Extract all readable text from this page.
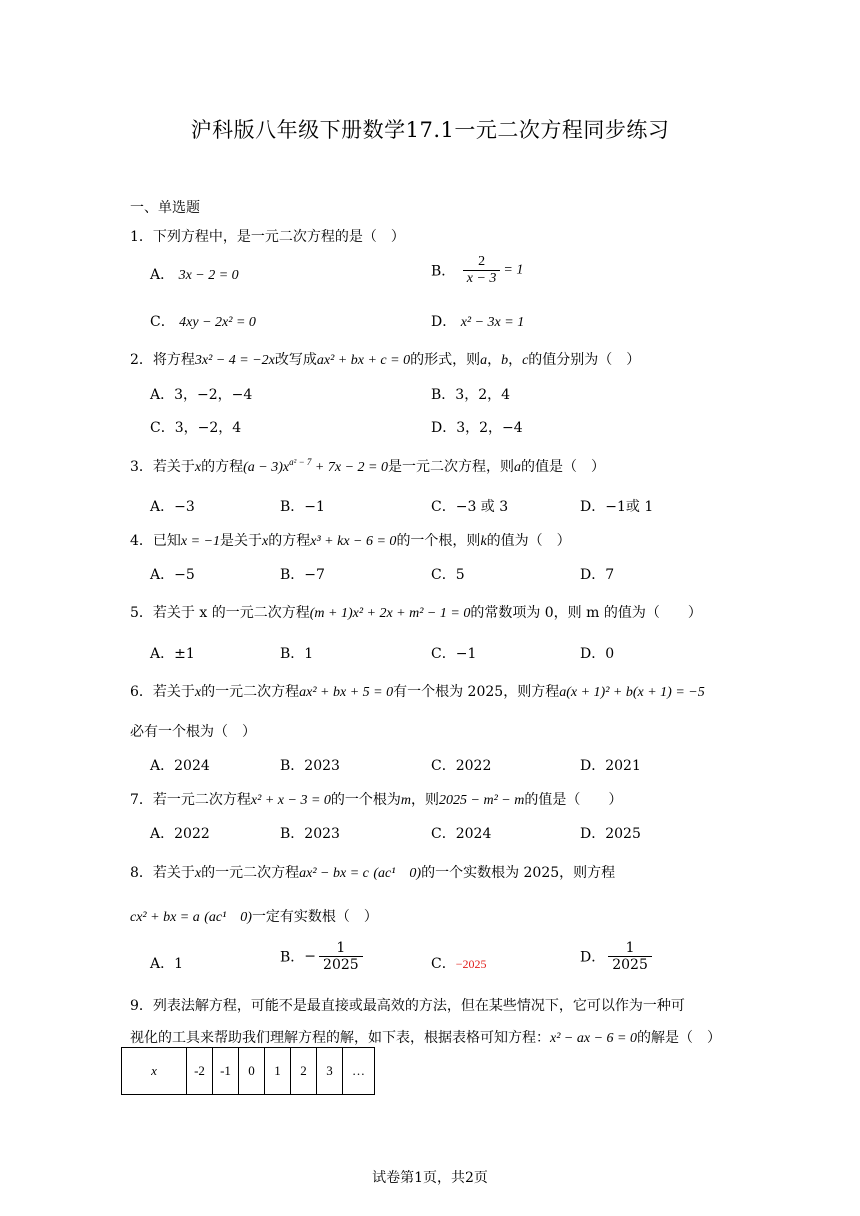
沪科版八年级下册数学17.1一元二次方程同步练习
一、单选题
1．下列方程中，是一元二次方程的是（　）
A． 3x − 2 = 0	B． $\frac{2}{x - 3} = 1$
C． 4xy − 2x² = 0	D． x² − 3x = 1
2．将方程3x² − 4 = −2x改写成ax² + bx + c = 0的形式，则a，b，c的值分别为（　）
A．3，−2，−4	B．3，2，4
C．3，−2，4	D．3，2，−4
3．若关于x的方程$(a - 3)x^{a^2 - 7} + 7x - 2 = 0$是一元二次方程，则a的值是（　）
A．−3	B．−1	C．−3 或 3	D．−1或 1
4．已知x = −1是关于x的方程x³ + kx − 6 = 0的一个根，则k的值为（　）
A．−5	B．−7	C．5	D．7
5．若关于 x 的一元二次方程(m + 1)x² + 2x + m² − 1 = 0的常数项为 0，则 m 的值为（　　）
A．±1	B．1	C．−1	D．0
6．若关于x的一元二次方程ax² + bx + 5 = 0有一个根为 2025，则方程a(x + 1)² + b(x + 1) = −5
必有一个根为（　）
A．2024	B．2023	C．2022	D．2021
7．若一元二次方程x² + x − 3 = 0的一个根为m，则2025 − m² − m的值是（　　）
A．2022	B．2023	C．2024	D．2025
8．若关于x的一元二次方程ax² − bx = c (ac¹　0)的一个实数根为 2025，则方程
cx² + bx = a (ac¹　0)一定有实数根（　）
A．1	B．− $\frac{1}{2025}$	C．−2025	D． $\frac{1}{2025}$
9．列表法解方程，可能不是最直接或最高效的方法，但在某些情况下，它可以作为一种可
视化的工具来帮助我们理解方程的解，如下表，根据表格可知方程：x² − ax − 6 = 0的解是（　）
x	-2	-1	0	1	2	3	…
试卷第1页，共2页
